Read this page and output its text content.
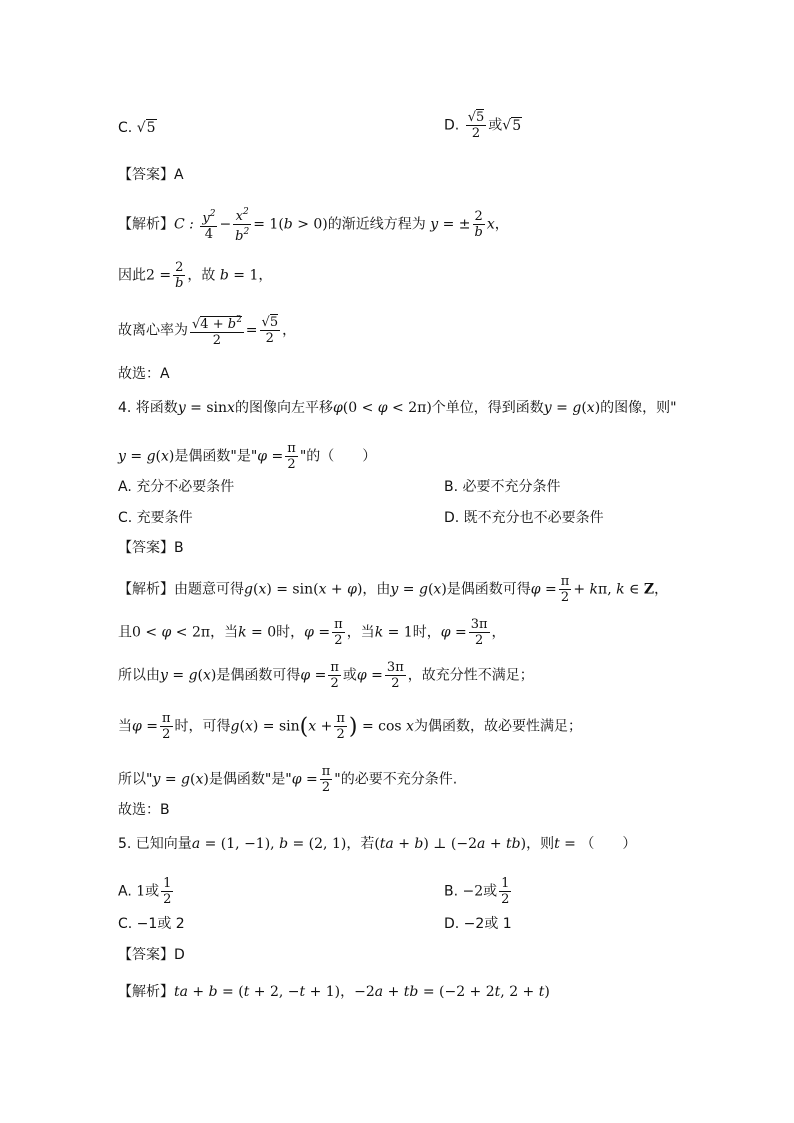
C. √5	D. $\frac{√5}{2}$ 或√5
【答案】A
【解析】C : $\frac{y^2}{4} - \frac{x^2}{b^2} = 1(b > 0)$的渐近线方程为 y = ± $\frac{2}{b}$ x，
因此$2 = \frac{2}{b}$ ，故 b = 1，
故离心率为 $\frac{√4 + b^2}{2} = \frac{√5}{2}$ ，
故选：A
4. 将函数y = sinx的图像向左平移φ(0 < φ < 2π)个单位，得到函数y = g(x)的图像，则"
y = g(x)是偶函数"是"$\varphi = \frac{\pi}{2}$ "的（　　）
A. 充分不必要条件	B. 必要不充分条件
C. 充要条件	D. 既不充分也不必要条件
【答案】B
【解析】由题意可得g(x) = sin(x + φ)，由y = g(x)是偶函数可得$\varphi = \frac{\pi}{2} + k\pi$, k ∈ Z，
且0 < φ < 2π，当k = 0时，$\varphi = \frac{\pi}{2}$ ，当k = 1时，$\varphi = \frac{3\pi}{2}$ ，
所以由y = g(x)是偶函数可得$\varphi = \frac{\pi}{2}$ 或$\varphi = \frac{3\pi}{2}$ ，故充分性不满足；
当$\varphi = \frac{\pi}{2}$ 时，可得$g(x) = \sin(x + \frac{\pi}{2}$ ) = cos x为偶函数，故必要性满足；
所以"y = g(x)是偶函数"是"$\varphi = \frac{\pi}{2}$ "的必要不充分条件.
故选：B
5. 已知向量a = (1, −1), b = (2, 1)，若(ta + b) ⊥ (−2a + tb)，则t = （　　）
A. 1或 $\frac{1}{2}$	B. −2或 $\frac{1}{2}$
C. −1或 2	D. −2或 1
【答案】D
【解析】ta + b = (t + 2, −t + 1)，−2a + tb = (−2 + 2t, 2 + t)
